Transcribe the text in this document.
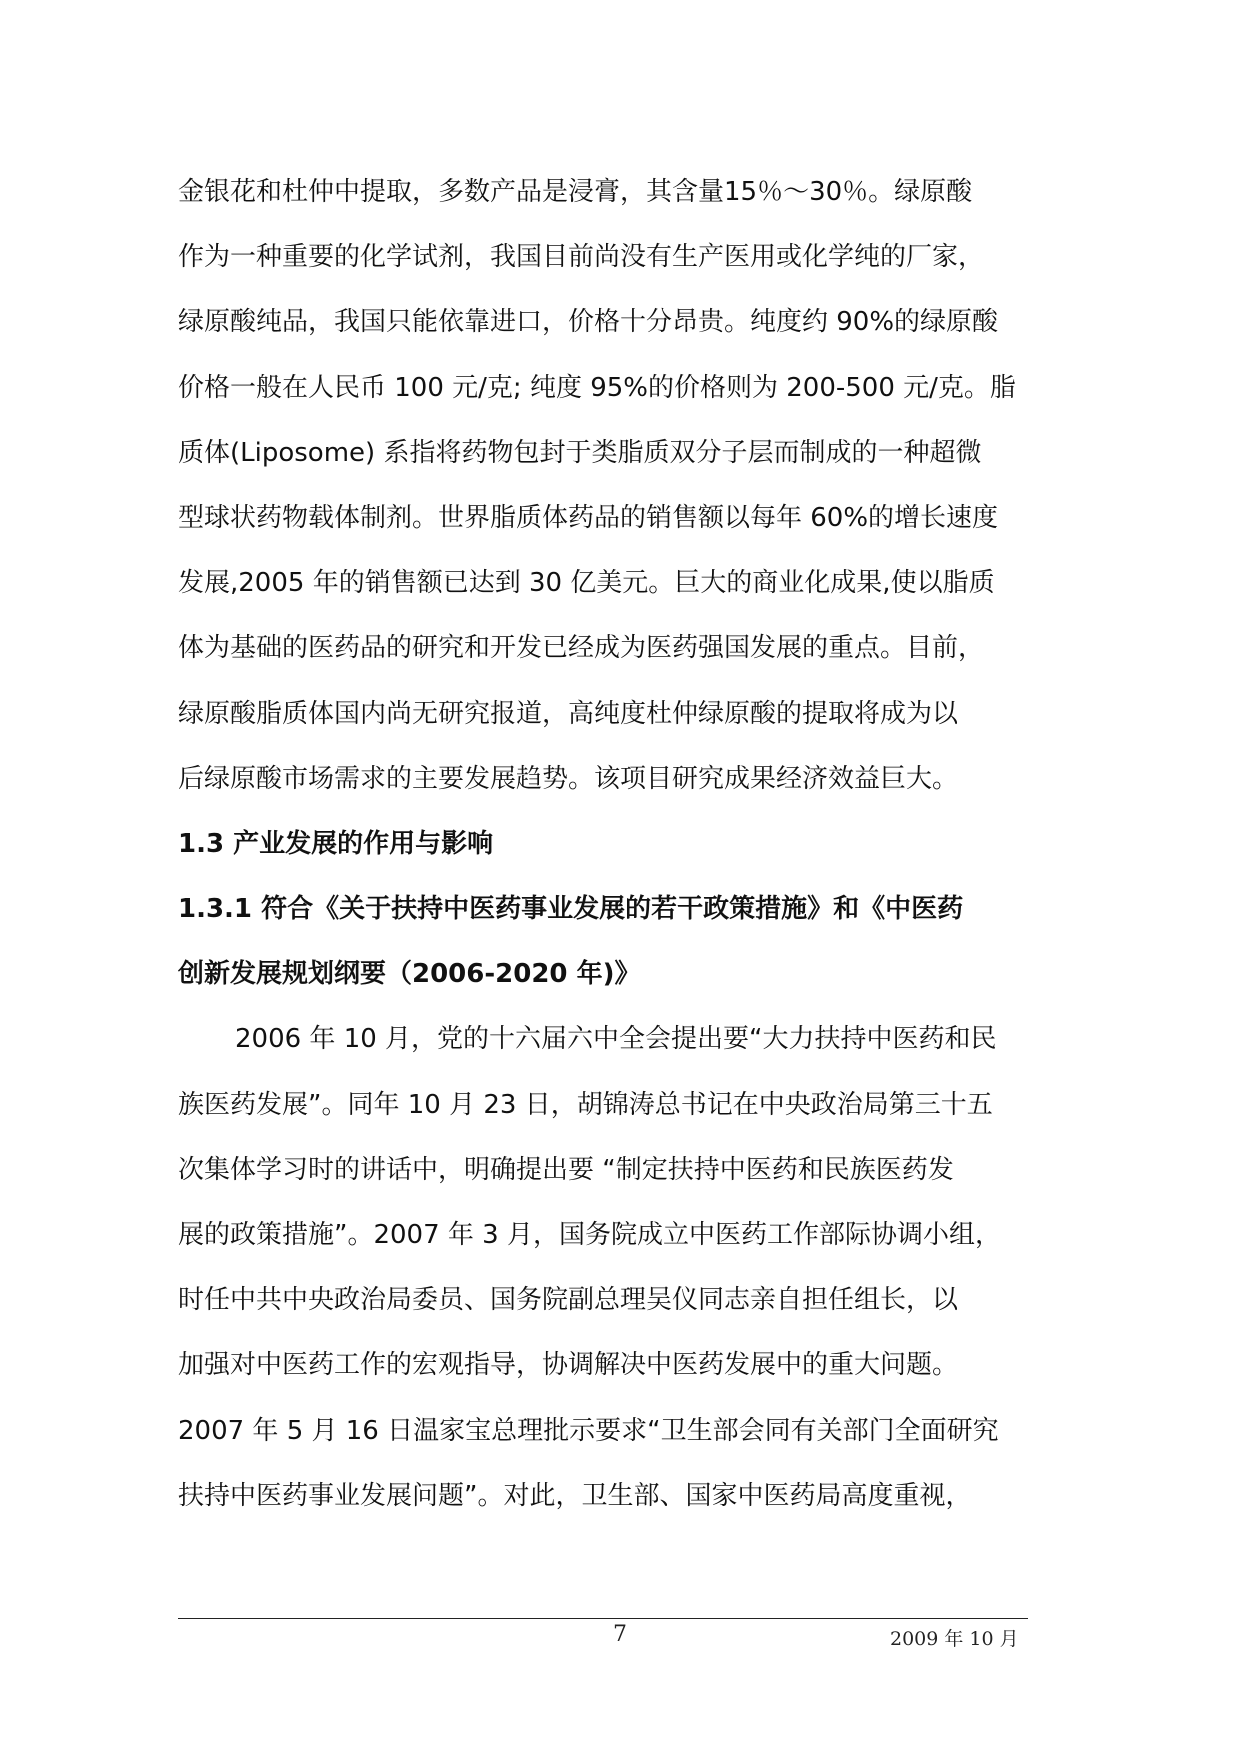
金银花和杜仲中提取，多数产品是浸膏，其含量15％～30％。绿原酸
作为一种重要的化学试剂，我国目前尚没有生产医用或化学纯的厂家，
绿原酸纯品，我国只能依靠进口，价格十分昂贵。纯度约 90%的绿原酸
价格一般在人民币 100 元/克; 纯度 95%的价格则为 200-500 元/克。脂
质体(Liposome) 系指将药物包封于类脂质双分子层而制成的一种超微
型球状药物载体制剂。世界脂质体药品的销售额以每年 60%的增长速度
发展,2005 年的销售额已达到 30 亿美元。巨大的商业化成果,使以脂质
体为基础的医药品的研究和开发已经成为医药强国发展的重点。目前，
绿原酸脂质体国内尚无研究报道，高纯度杜仲绿原酸的提取将成为以
后绿原酸市场需求的主要发展趋势。该项目研究成果经济效益巨大。
1.3 产业发展的作用与影响
1.3.1 符合《关于扶持中医药事业发展的若干政策措施》和《中医药
创新发展规划纲要（2006-2020 年)》
2006 年 10 月，党的十六届六中全会提出要“大力扶持中医药和民
族医药发展”。同年 10 月 23 日，胡锦涛总书记在中央政治局第三十五
次集体学习时的讲话中，明确提出要 “制定扶持中医药和民族医药发
展的政策措施”。2007 年 3 月，国务院成立中医药工作部际协调小组，
时任中共中央政治局委员、国务院副总理吴仪同志亲自担任组长，以
加强对中医药工作的宏观指导，协调解决中医药发展中的重大问题。
2007 年 5 月 16 日温家宝总理批示要求“卫生部会同有关部门全面研究
扶持中医药事业发展问题”。对此，卫生部、国家中医药局高度重视，
7	2009 年 10 月
